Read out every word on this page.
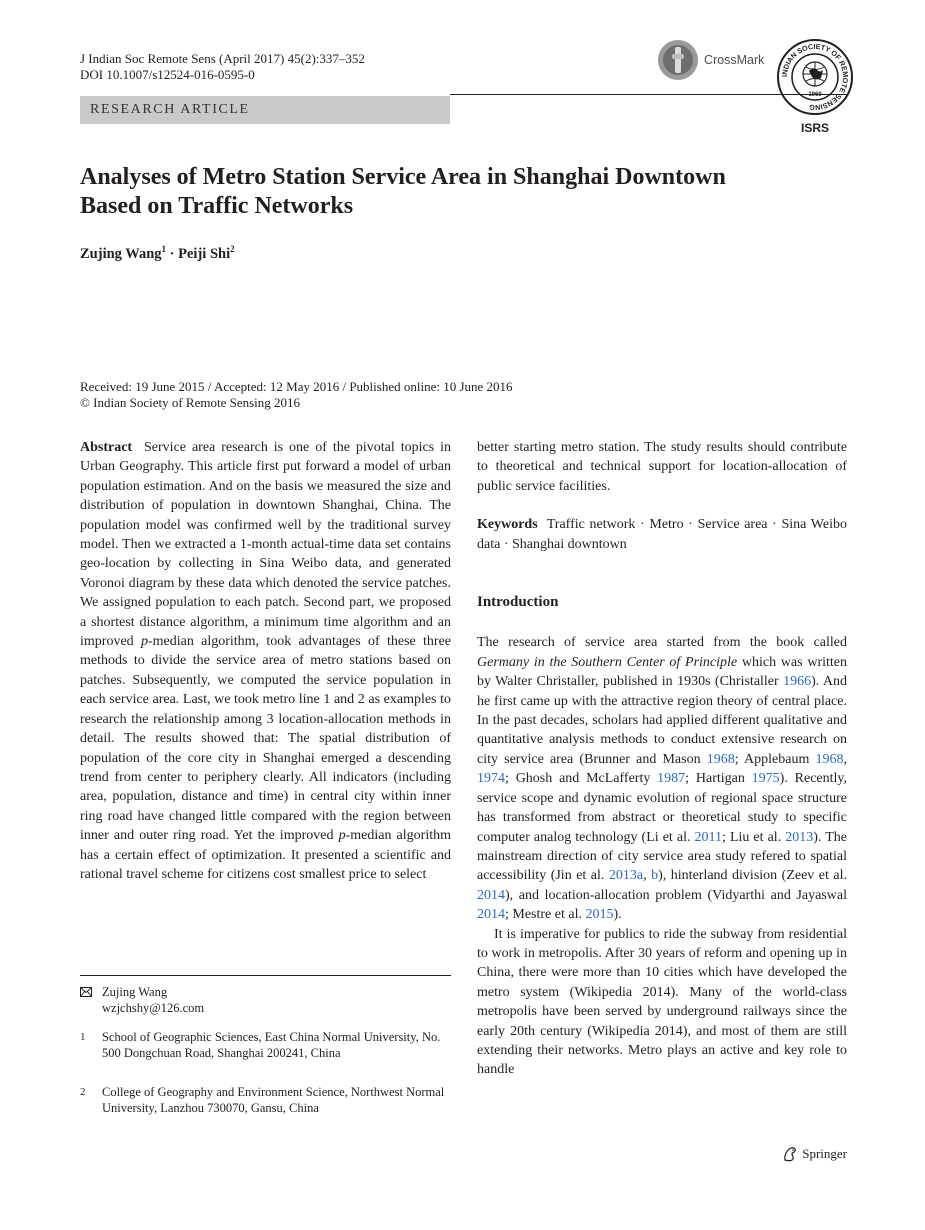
J Indian Soc Remote Sens (April 2017) 45(2):337–352
DOI 10.1007/s12524-016-0595-0
RESEARCH ARTICLE
CrossMark
INDIAN SOCIETY OF REMOTE SENSING
1969
ISRS
Analyses of Metro Station Service Area in Shanghai Downtown
Based on Traffic Networks
Zujing Wang$^1$ · Peiji Shi$^2$
Received: 19 June 2015 / Accepted: 12 May 2016 / Published online: 10 June 2016
© Indian Society of Remote Sensing 2016

Abstract Service area research is one of the pivotal topics in Urban Geography. This article first put forward a model of urban population estimation. And on the basis we measured the size and distribution of population in downtown Shanghai, China. The population model was confirmed well by the traditional survey model. Then we extracted a 1-month actual-time data set contains geo-location by collecting in Sina Weibo data, and generated Voronoi diagram by these data which denoted the service patches. We assigned population to each patch. Second part, we proposed a shortest distance algorithm, a minimum time algorithm and an improved p-median algorithm, took advantages of these three methods to divide the service area of metro stations based on patches. Subsequently, we computed the service population in each service area. Last, we took metro line 1 and 2 as examples to research the relationship among 3 location-allocation methods in detail. The results showed that: The spatial distribution of population of the core city in Shanghai emerged a descending trend from center to periphery clearly. All indicators (including area, population, distance and time) in central city within inner ring road have changed little compared with the region between inner and outer ring road. Yet the improved p-median algorithm has a certain effect of optimization. It presented a scientific and rational travel scheme for citizens cost smallest price to select

better starting metro station. The study results should contribute to theoretical and technical support for location-allocation of public service facilities.

Keywords Traffic network · Metro · Service area · Sina Weibo data · Shanghai downtown

Introduction

The research of service area started from the book called Germany in the Southern Center of Principle which was written by Walter Christaller, published in 1930s (Christaller 1966). And he first came up with the attractive region theory of central place. In the past decades, scholars had applied different qualitative and quantitative analysis methods to conduct extensive research on city service area (Brunner and Mason 1968; Applebaum 1968, 1974; Ghosh and McLafferty 1987; Hartigan 1975). Recently, service scope and dynamic evolution of regional space structure has transformed from abstract or theoretical study to specific computer analog technology (Li et al. 2011; Liu et al. 2013). The mainstream direction of city service area study refered to spatial accessibility (Jin et al. 2013a, b), hinterland division (Zeev et al. 2014), and location-allocation problem (Vidyarthi and Jayaswal 2014; Mestre et al. 2015).

It is imperative for publics to ride the subway from residential to work in metropolis. After 30 years of reform and opening up in China, there were more than 10 cities which have developed the metro system (Wikipedia 2014). Many of the world-class metropolis have been served by underground railways since the early 20th century (Wikipedia 2014), and most of them are still extending their networks. Metro plays an active and key role to handle

Zujing Wang
wzjchshy@126.com
1 School of Geographic Sciences, East China Normal University, No. 500 Dongchuan Road, Shanghai 200241, China
2 College of Geography and Environment Science, Northwest Normal University, Lanzhou 730070, Gansu, China
Springer
